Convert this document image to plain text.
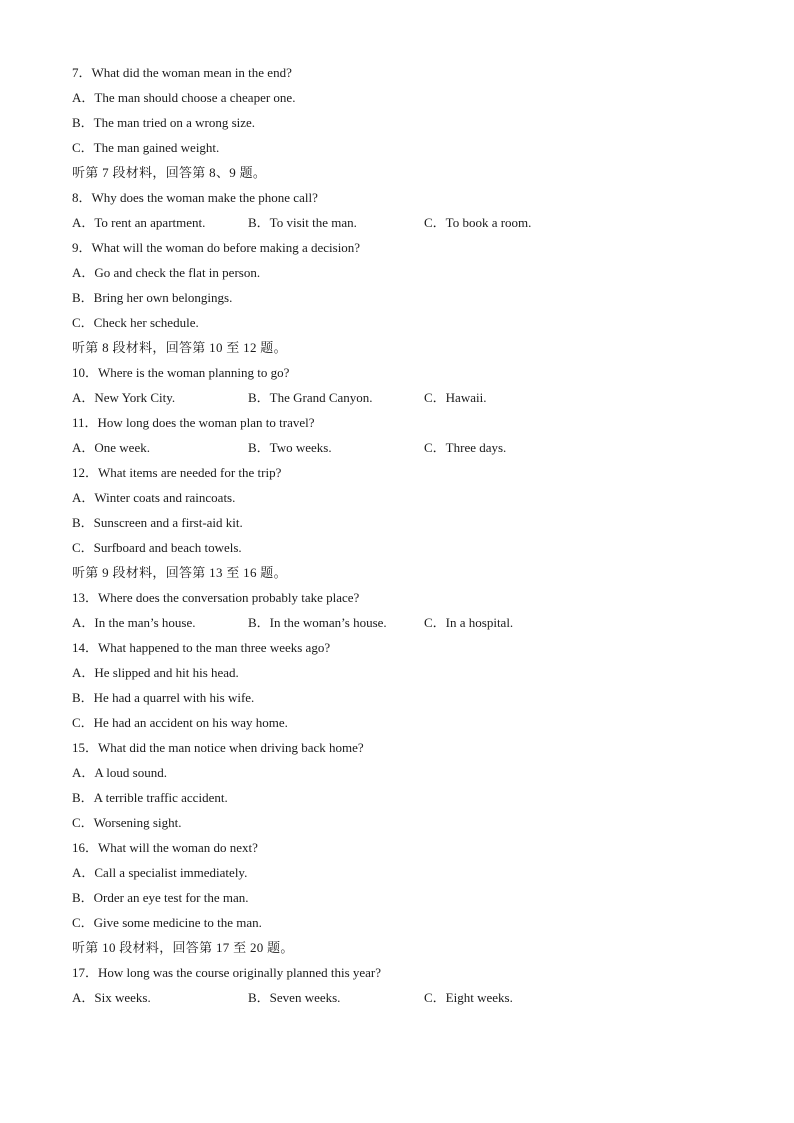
7．What did the woman mean in the end?
A．The man should choose a cheaper one.
B．The man tried on a wrong size.
C．The man gained weight.
听第 7 段材料，回答第 8、9 题。
8．Why does the woman make the phone call?
A．To rent an apartment.	B．To visit the man.	C．To book a room.
9．What will the woman do before making a decision?
A．Go and check the flat in person.
B．Bring her own belongings.
C．Check her schedule.
听第 8 段材料，回答第 10 至 12 题。
10．Where is the woman planning to go?
A．New York City.	B．The Grand Canyon.	C．Hawaii.
11．How long does the woman plan to travel?
A．One week.	B．Two weeks.	C．Three days.
12．What items are needed for the trip?
A．Winter coats and raincoats.
B．Sunscreen and a first-aid kit.
C．Surfboard and beach towels.
听第 9 段材料，回答第 13 至 16 题。
13．Where does the conversation probably take place?
A．In the man’s house.	B．In the woman’s house.	C．In a hospital.
14．What happened to the man three weeks ago?
A．He slipped and hit his head.
B．He had a quarrel with his wife.
C．He had an accident on his way home.
15．What did the man notice when driving back home?
A．A loud sound.
B．A terrible traffic accident.
C．Worsening sight.
16．What will the woman do next?
A．Call a specialist immediately.
B．Order an eye test for the man.
C．Give some medicine to the man.
听第 10 段材料，回答第 17 至 20 题。
17．How long was the course originally planned this year?
A．Six weeks.	B．Seven weeks.	C．Eight weeks.
